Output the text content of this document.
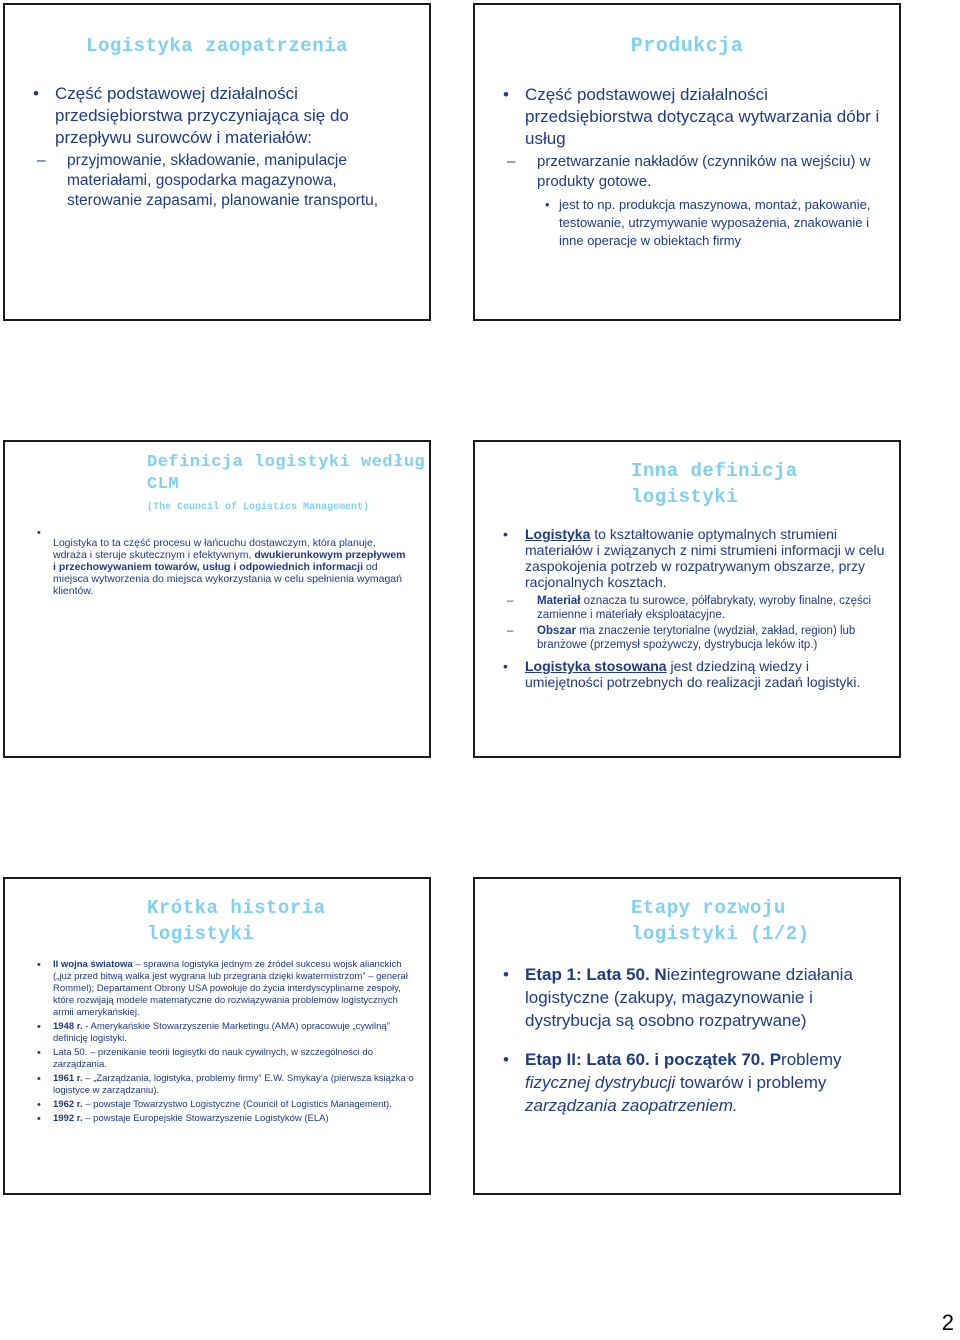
Logistyka zaopatrzenia
• Część podstawowej działalności przedsiębiorstwa przyczyniająca się do przepływu surowców i materiałów:
– przyjmowanie, składowanie, manipulacje materiałami, gospodarka magazynowa, sterowanie zapasami, planowanie transportu,
Produkcja
• Część podstawowej działalności przedsiębiorstwa dotycząca wytwarzania dóbr i usług
– przetwarzanie nakładów (czynników na wejściu) w produkty gotowe.
• jest to np. produkcja maszynowa, montaż, pakowanie, testowanie, utrzymywanie wyposażenia, znakowanie i inne operacje w obiektach firmy
Definicja logistyki według
CLM
(The Council of Logistics Management)
• Logistyka to ta część procesu w łańcuchu dostawczym, która planuje, wdraża i steruje skutecznym i efektywnym, dwukierunkowym przepływem i przechowywaniem towarów, usług i odpowiednich informacji od miejsca wytworzenia do miejsca wykorzystania w celu spełnienia wymagań klientów.
Inna definicja
logistyki
• Logistyka to kształtowanie optymalnych strumieni materiałów i związanych z nimi strumieni informacji w celu zaspokojenia potrzeb w rozpatrywanym obszarze, przy racjonalnych kosztach.
– Materiał oznacza tu surowce, półfabrykaty, wyroby finalne, części zamienne i materiały eksploatacyjne.
– Obszar ma znaczenie terytorialne (wydział, zakład, region) lub branżowe (przemysł spożywczy, dystrybucja leków itp.)
• Logistyka stosowana jest dziedziną wiedzy i umiejętności potrzebnych do realizacji zadań logistyki.
Krótka historia
logistyki
• II wojna światowa – sprawna logistyka jednym ze źródeł sukcesu wojsk alianckich („już przed bitwą walka jest wygrana lub przegrana dzięki kwatermistrzom” – generał Rommel); Departament Obrony USA powołuje do życia interdyscyplinarne zespoły, które rozwijają modele matematyczne do rozwiązywania problemów logistycznych armii amerykańskiej.
• 1948 r. - Amerykańskie Stowarzyszenie Marketingu (AMA) opracowuje „cywilną” definicję logistyki.
• Lata 50. – przenikanie teorii logisytki do nauk cywilnych, w szczególności do zarządzania.
• 1961 r. – „Zarządzania, logistyka, problemy firmy” E.W. Smykay’a (pierwsza książka o logistyce w zarządzaniu).
• 1962 r. – powstaje Towarzystwo Logistyczne (Council of Logistics Management).
• 1992 r. – powstaje Europejskie Stowarzyszenie Logistyków (ELA)
Etapy rozwoju
logistyki (1/2)
• Etap 1: Lata 50. Niezintegrowane działania logistyczne (zakupy, magazynowanie i dystrybucja są osobno rozpatrywane)
• Etap II: Lata 60. i początek 70. Problemy fizycznej dystrybucji towarów i problemy zarządzania zaopatrzeniem.
2
